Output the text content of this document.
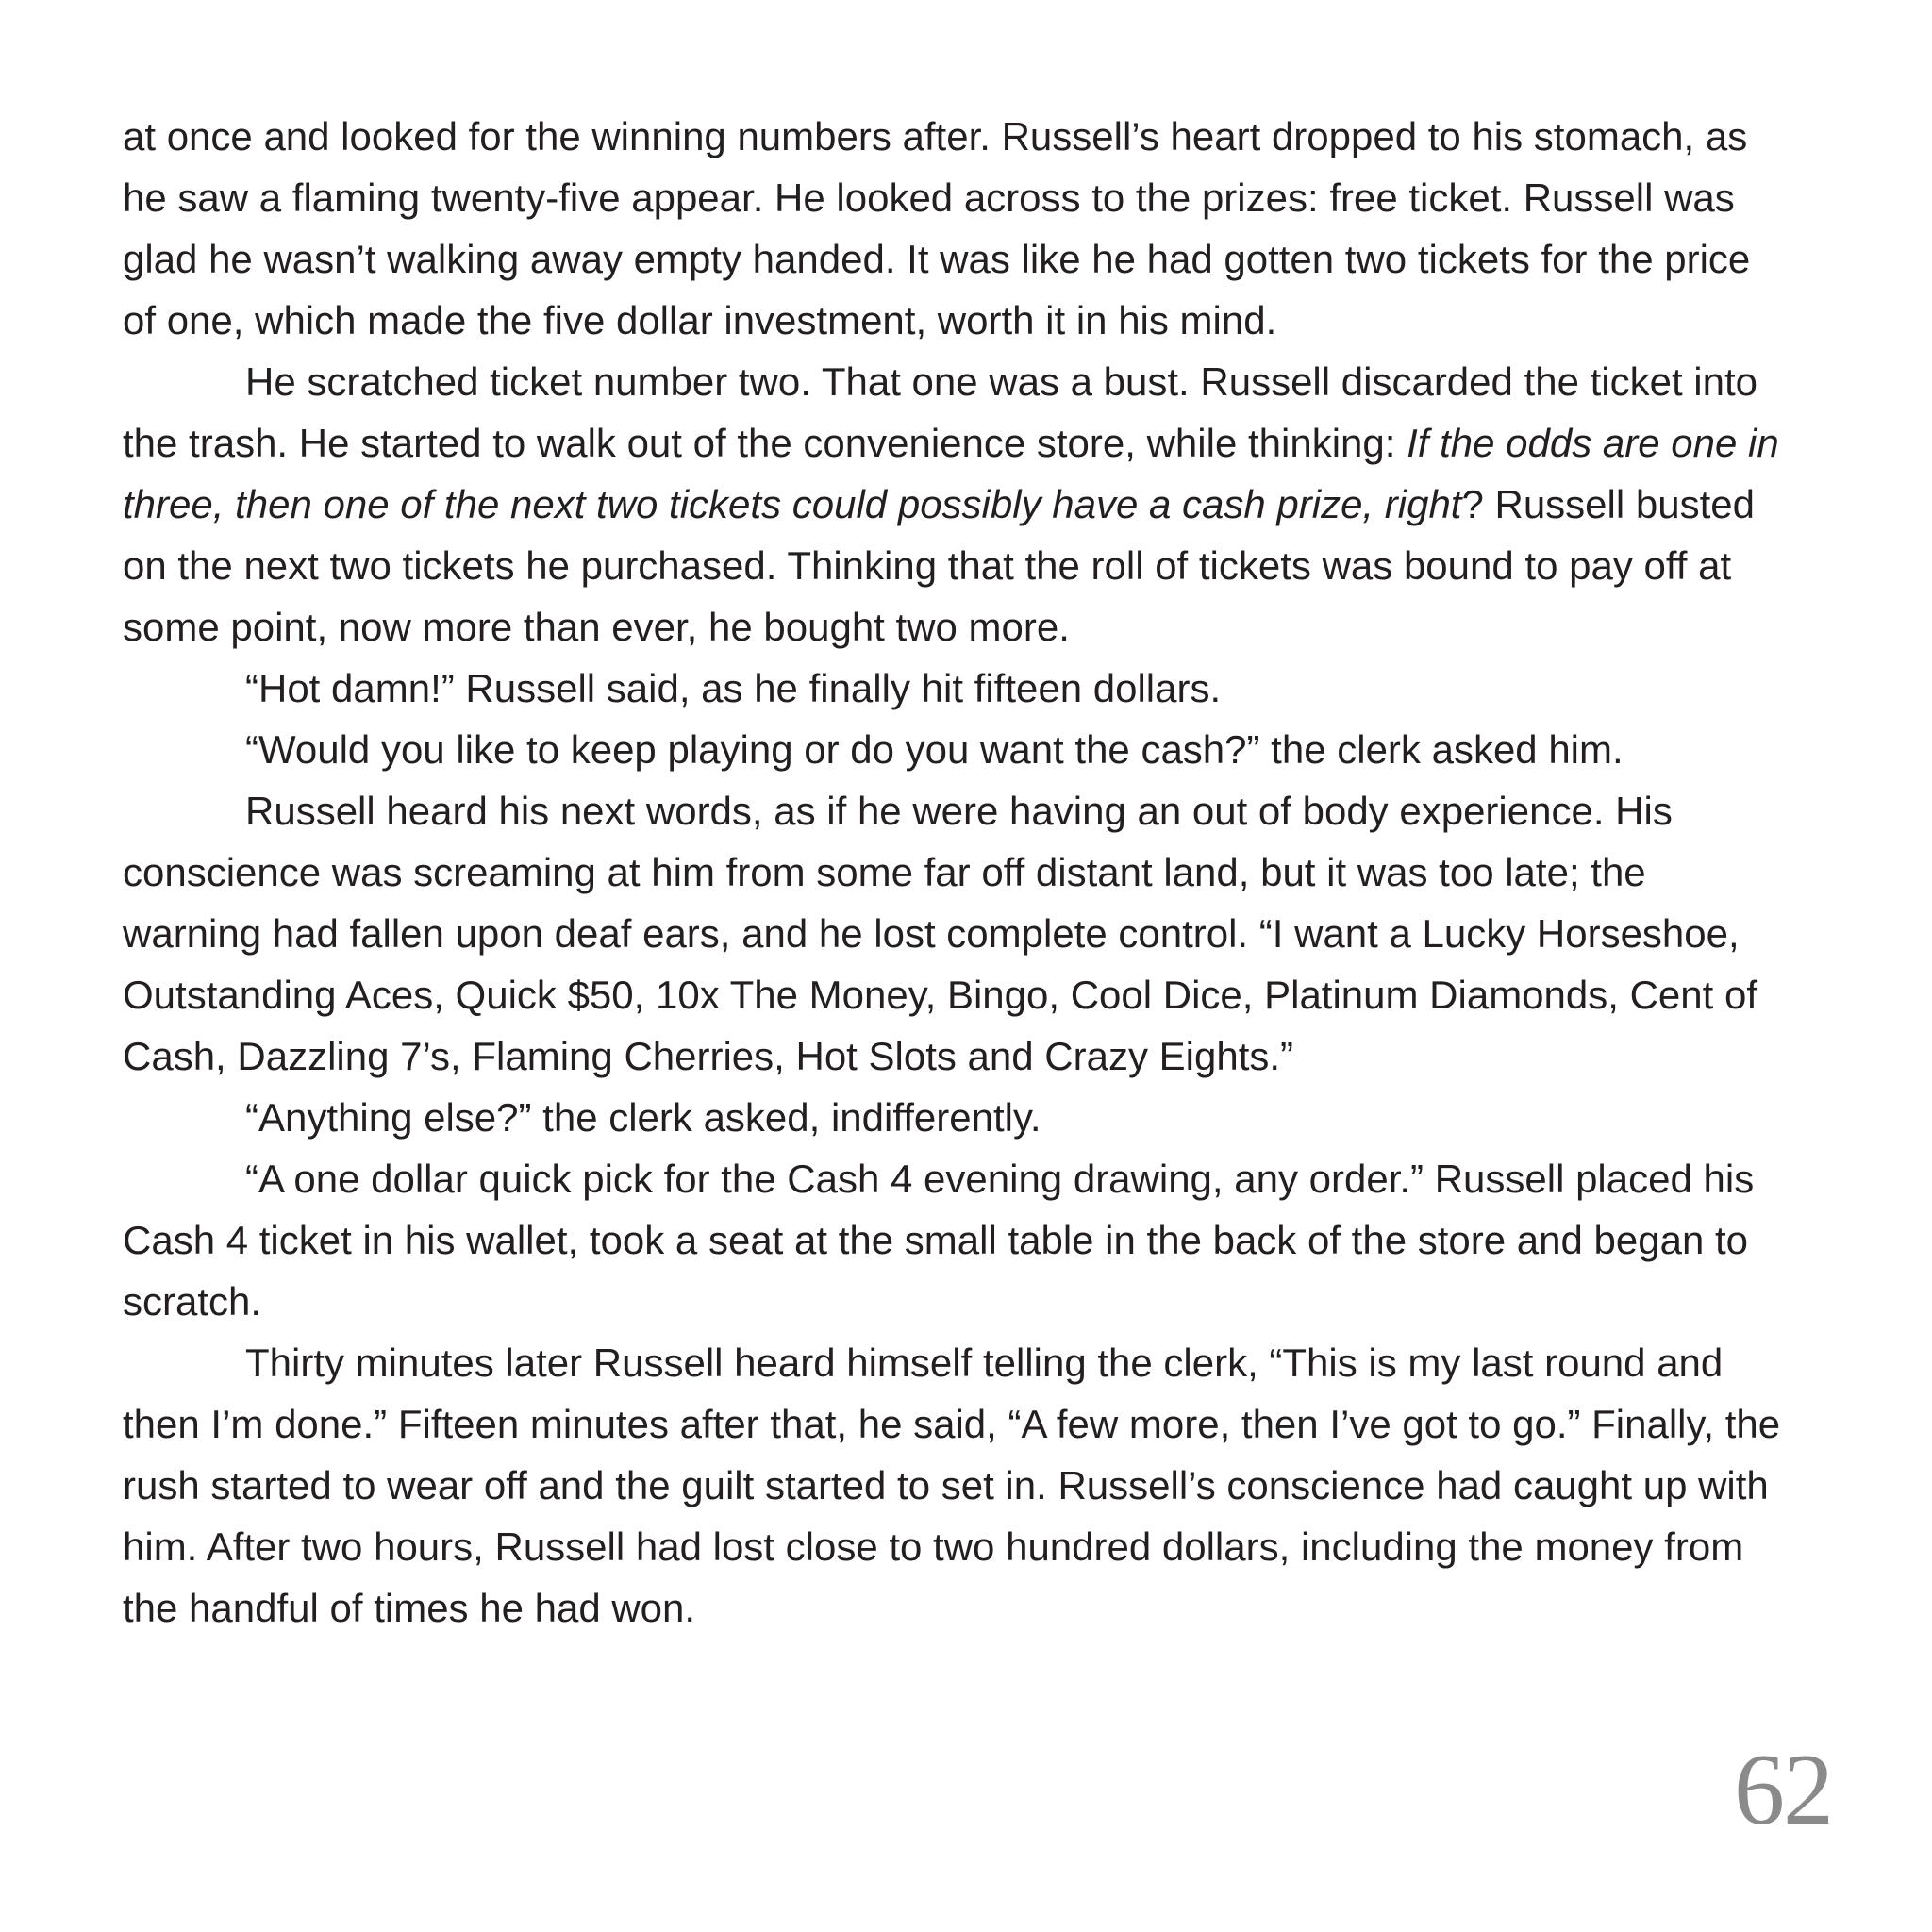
at once and looked for the winning numbers after. Russell’s heart dropped to his stomach, as
he saw a flaming twenty-five appear. He looked across to the prizes: free ticket. Russell was
glad he wasn’t walking away empty handed. It was like he had gotten two tickets for the price
of one, which made the five dollar investment, worth it in his mind.
He scratched ticket number two. That one was a bust. Russell discarded the ticket into
the trash. He started to walk out of the convenience store, while thinking: If the odds are one in
three, then one of the next two tickets could possibly have a cash prize, right? Russell busted
on the next two tickets he purchased. Thinking that the roll of tickets was bound to pay off at
some point, now more than ever, he bought two more.
“Hot damn!” Russell said, as he finally hit fifteen dollars.
“Would you like to keep playing or do you want the cash?” the clerk asked him.
Russell heard his next words, as if he were having an out of body experience. His
conscience was screaming at him from some far off distant land, but it was too late; the
warning had fallen upon deaf ears, and he lost complete control. “I want a Lucky Horseshoe,
Outstanding Aces, Quick $50, 10x The Money, Bingo, Cool Dice, Platinum Diamonds, Cent of
Cash, Dazzling 7’s, Flaming Cherries, Hot Slots and Crazy Eights.”
“Anything else?” the clerk asked, indifferently.
“A one dollar quick pick for the Cash 4 evening drawing, any order.” Russell placed his
Cash 4 ticket in his wallet, took a seat at the small table in the back of the store and began to
scratch.
Thirty minutes later Russell heard himself telling the clerk, “This is my last round and
then I’m done.” Fifteen minutes after that, he said, “A few more, then I’ve got to go.” Finally, the
rush started to wear off and the guilt started to set in. Russell’s conscience had caught up with
him. After two hours, Russell had lost close to two hundred dollars, including the money from
the handful of times he had won.
62
